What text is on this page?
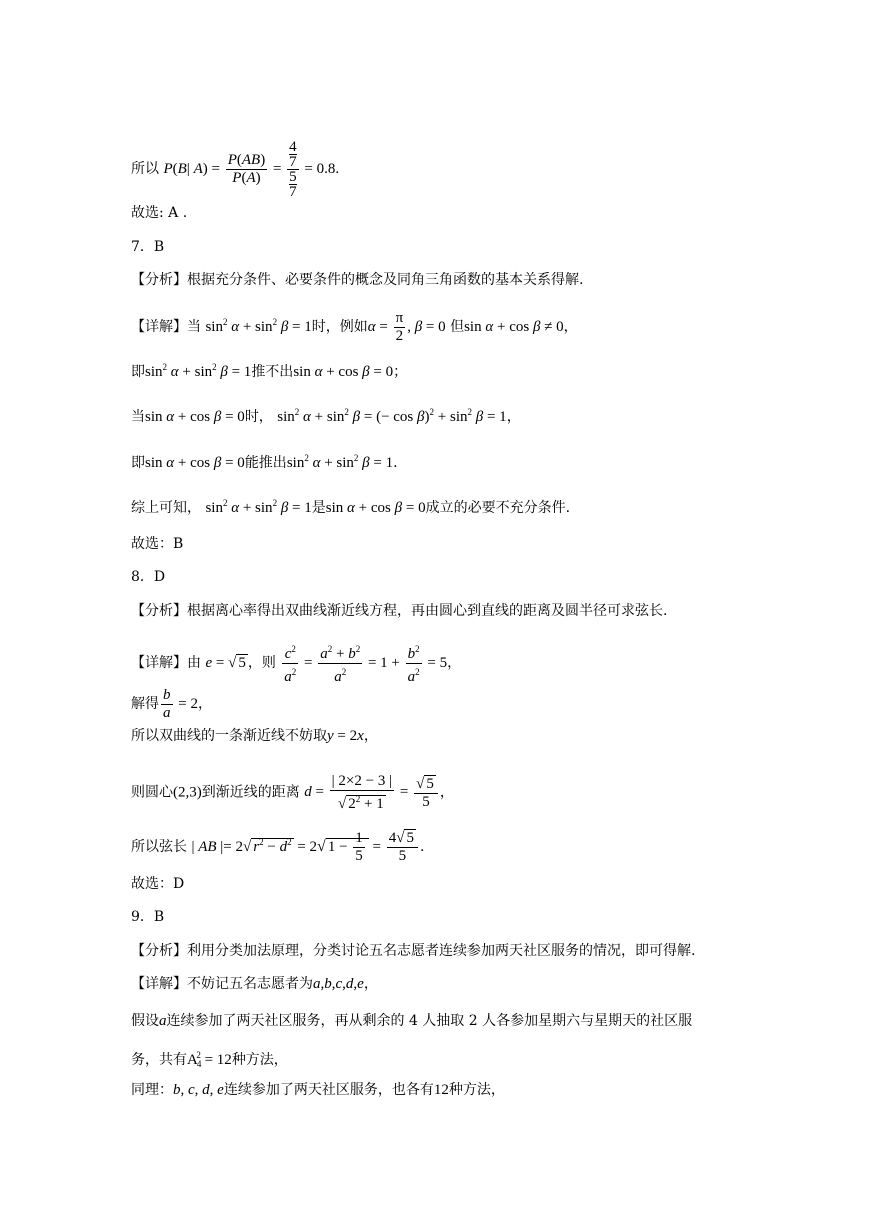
所以 P(B| $A) = \frac{P(AB)}{P(A)} = 4$
7
5
7 = 0.8.
故选: A .
7．B
【分析】根据充分条件、必要条件的概念及同角三角函数的基本关系得解.
【详解】当 $\sin^2 \alpha + \sin^2 \beta = 1$时，例如$\alpha = \frac{\pi}{2}$ , β = 0 但sin α + cos β ≠ 0，
即$\sin^2 \alpha + \sin^2 \beta = 1$推不出sin α + cos β = 0；
当sin α + cos β = 0时， $\sin^2 \alpha + \sin^2 \beta$ = (− $\cos \beta)^2 + \sin^2 \beta = 1$，
即sin α + cos β = 0能推出$\sin^2 \alpha + \sin^2 \beta = 1$.
综上可知， $\sin^2 \alpha + \sin^2 \beta = 1$是sin α + cos β = 0成立的必要不充分条件.
故选：B
8．D
【分析】根据离心率得出双曲线渐近线方程，再由圆心到直线的距离及圆半径可求弦长.
【详解】由 e = √ 5 ，则 $\frac{c^2}{a^2} = \frac{a^2 + b^2}{a^2} = 1 + \frac{b^2}{a^2} = 5$，
解得 $\frac{b}{a} = 2$，
所以双曲线的一条渐近线不妨取y = 2x，
则圆心(2,3)到渐近线的距离 $d = \frac{| 2\times 2 - 3 |}{√ 2^2 + 1} = \frac{√ 5}{5}$ ，
所以弦长 | AB |= 2√ $r^2 - d^2 = 2√$ $1 - \frac{1}{5} = \frac{4√ 5}{5}$ .
故选：D
9．B
【分析】利用分类加法原理，分类讨论五名志愿者连续参加两天社区服务的情况，即可得解.
【详解】不妨记五名志愿者为a,b,c,d,e，
假设a连续参加了两天社区服务，再从剩余的 4 人抽取 2 人各参加星期六与星期天的社区服
务，共有$A_4^2 = 12$种方法，
同理：b, c, d, e连续参加了两天社区服务，也各有12种方法，
